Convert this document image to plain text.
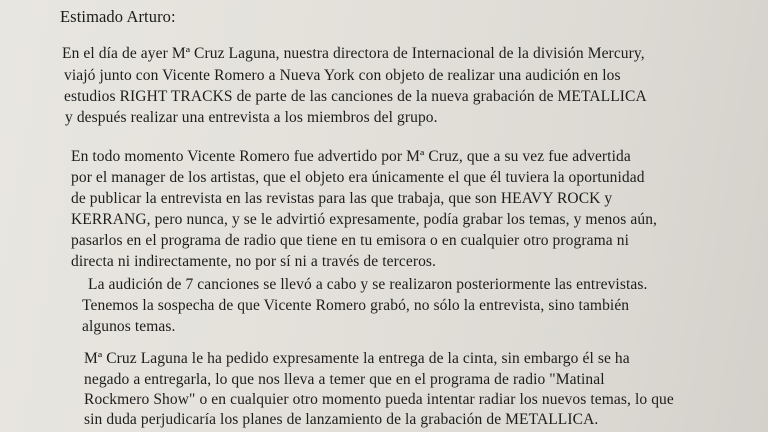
Estimado Arturo:
En el día de ayer Mª Cruz Laguna, nuestra directora de Internacional de la división Mercury,
viajó junto con Vicente Romero a Nueva York con objeto de realizar una audición en los
estudios RIGHT TRACKS de parte de las canciones de la nueva grabación de METALLICA
y después realizar una entrevista a los miembros del grupo.
En todo momento Vicente Romero fue advertido por Mª Cruz, que a su vez fue advertida
por el manager de los artistas, que el objeto era únicamente el que él tuviera la oportunidad
de publicar la entrevista en las revistas para las que trabaja, que son HEAVY ROCK y
KERRANG, pero nunca, y se le advirtió expresamente, podía grabar los temas, y menos aún,
pasarlos en el programa de radio que tiene en tu emisora o en cualquier otro programa ni
directa ni indirectamente, no por sí ni a través de terceros.
La audición de 7 canciones se llevó a cabo y se realizaron posteriormente las entrevistas.
Tenemos la sospecha de que Vicente Romero grabó, no sólo la entrevista, sino también
algunos temas.
Mª Cruz Laguna le ha pedido expresamente la entrega de la cinta, sin embargo él se ha
negado a entregarla, lo que nos lleva a temer que en el programa de radio "Matinal
Rockmero Show" o en cualquier otro momento pueda intentar radiar los nuevos temas, lo que
sin duda perjudicaría los planes de lanzamiento de la grabación de METALLICA.
